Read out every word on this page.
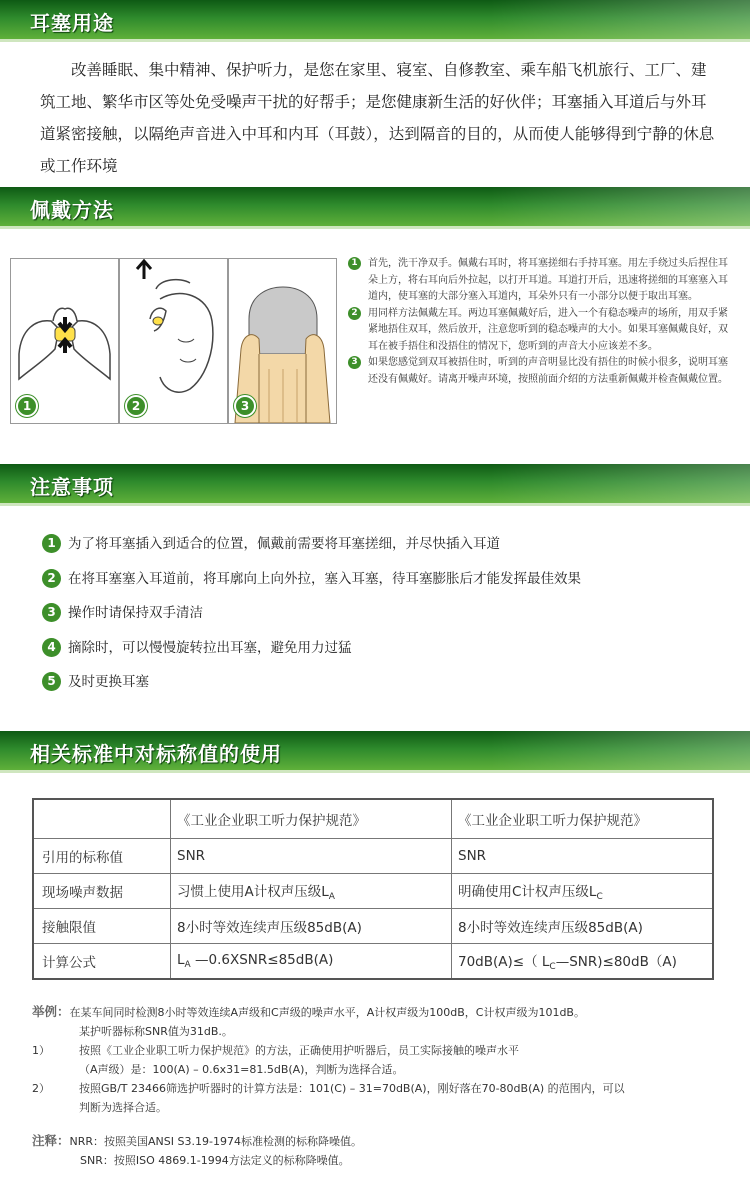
耳塞用途
改善睡眠、集中精神、保护听力，是您在家里、寝室、自修教室、乘车船飞机旅行、工厂、建筑工地、繁华市区等处免受噪声干扰的好帮手；是您健康新生活的好伙伴；耳塞插入耳道后与外耳道紧密接触，以隔绝声音进入中耳和内耳（耳鼓），达到隔音的目的，从而使人能够得到宁静的休息或工作环境
佩戴方法
1	2	3
1	首先，洗干净双手。佩戴右耳时，将耳塞搓细右手持耳塞。用左手绕过头后捏住耳朵上方，将右耳向后外拉起，以打开耳道。耳道打开后，迅速将搓细的耳塞塞入耳道内，使耳塞的大部分塞入耳道内，耳朵外只有一小部分以便于取出耳塞。
2	用同样方法佩戴左耳。两边耳塞佩戴好后，进入一个有稳态噪声的场所，用双手紧紧地捂住双耳，然后放开，注意您听到的稳态噪声的大小。如果耳塞佩戴良好，双耳在被手捂住和没捂住的情况下，您听到的声音大小应该差不多。
3	如果您感觉到双耳被捂住时，听到的声音明显比没有捂住的时候小很多，说明耳塞还没有佩戴好。请离开噪声环境，按照前面介绍的方法重新佩戴并检查佩戴位置。
注意事项
1 为了将耳塞插入到适合的位置，佩戴前需要将耳塞搓细，并尽快插入耳道
2 在将耳塞塞入耳道前，将耳廓向上向外拉，塞入耳塞，待耳塞膨胀后才能发挥最佳效果
3 操作时请保持双手清洁
4 摘除时，可以慢慢旋转拉出耳塞，避免用力过猛
5 及时更换耳塞
相关标准中对标称值的使用
	《工业企业职工听力保护规范》	《工业企业职工听力保护规范》
引用的标称值	SNR	SNR
现场噪声数据	习惯上使用A计权声压级$L_A$	明确使用C计权声压级$L_C$
接触限值	8小时等效连续声压级85dB(A)	8小时等效连续声压级85dB(A)
计算公式	$L_A$ —0.6XSNR≤85dB(A)	70dB(A)≤（ $L_C—SNR)\le 80dB(A)$
举例：在某车间同时检测8小时等效连续A声级和C声级的噪声水平，A计权声级为100dB，C计权声级为101dB。
某护听器标称SNR值为31dB.。
1）	按照《工业企业职工听力保护规范》的方法，正确使用护听器后，员工实际接触的噪声水平
（A声级）是：100(A) – 0.6x31=81.5dB(A)，判断为选择合适。
2）	按照GB/T 23466筛选护听器时的计算方法是：101(C) – 31=70dB(A)，刚好落在70-80dB(A) 的范围内，可以
判断为选择合适。
注释：NRR：按照美国ANSI S3.19-1974标准检测的标称降噪值。
SNR：按照ISO 4869.1-1994方法定义的标称降噪值。
